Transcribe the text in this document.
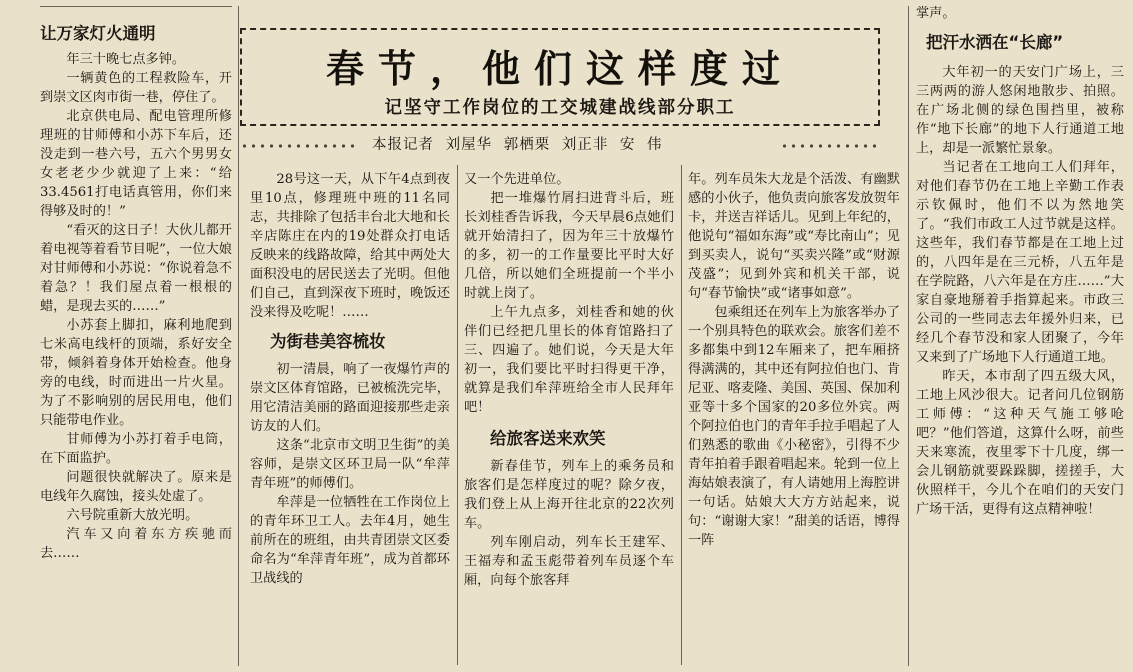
让万家灯火通明

年三十晚七点多钟。

一辆黄色的工程救险车，开到崇文区肉市街一巷，停住了。

北京供电局、配电管理所修理班的甘师傅和小苏下车后，还没走到一巷六号，五六个男男女女老老少少就迎了上来：“给33.4561打电话真管用，你们来得够及时的！”

“看灭的这日子！大伙儿都开着电视等着看节目呢”，一位大娘对甘师傅和小苏说：“你说着急不着急？！我们屋点着一根根的蜡，是现去买的……”

小苏套上脚扣，麻利地爬到七米高电线杆的顶端，系好安全带，倾斜着身体开始检查。他身旁的电线，时而进出一片火星。为了不影响别的居民用电，他们只能带电作业。

甘师傅为小苏打着手电筒，在下面监护。

问题很快就解决了。原来是电线年久腐蚀，接头处虚了。

六号院重新大放光明。

汽车又向着东方疾驰而去……

春节，他们这样度过
记坚守工作岗位的工交城建战线部分职工
本报记者 刘屋华 郭栖栗 刘正非 安 伟

28号这一天，从下午4点到夜里10点，修理班中班的11名同志，共排除了包括丰台北大地和长辛店陈庄在内的19处群众打电话反映来的线路故障，给其中两处大面积没电的居民送去了光明。但他们自己，直到深夜下班时，晚饭还没来得及吃呢！……

为街巷美容梳妆

初一清晨，响了一夜爆竹声的崇文区体育馆路，已被梳洗完毕，用它清洁美丽的路面迎接那些走亲访友的人们。

这条“北京市文明卫生街”的美容师，是崇文区环卫局一队“牟萍青年班”的师傅们。

牟萍是一位牺牲在工作岗位上的青年环卫工人。去年4月，她生前所在的班组，由共青团崇文区委命名为“牟萍青年班”，成为首都环卫战线的

又一个先进单位。

把一堆爆竹屑扫进背斗后，班长刘桂香告诉我，今天早晨6点她们就开始清扫了，因为年三十放爆竹的多，初一的工作量要比平时大好几倍，所以她们全班提前一个半小时就上岗了。

上午九点多，刘桂香和她的伙伴们已经把几里长的体育馆路扫了三、四遍了。她们说，今天是大年初一，我们要比平时扫得更干净，就算是我们牟萍班给全市人民拜年吧！

给旅客送来欢笑

新春佳节，列车上的乘务员和旅客们是怎样度过的呢？除夕夜，我们登上从上海开往北京的22次列车。

列车刚启动，列车长王建军、王福寿和孟玉彪带着列车员逐个车厢，向每个旅客拜

年。列车员朱大龙是个活泼、有幽默感的小伙子，他负责向旅客发放贺年卡，并送吉祥话儿。见到上年纪的，他说句“福如东海”或“寿比南山”；见到买卖人，说句“买卖兴隆”或“财源茂盛”；见到外宾和机关干部，说句“春节愉快”或“诸事如意”。

包乘组还在列车上为旅客举办了一个别具特色的联欢会。旅客们差不多都集中到12车厢来了，把车厢挤得满满的，其中还有阿拉伯也门、肯尼亚、喀麦隆、美国、英国、保加利亚等十多个国家的20多位外宾。两个阿拉伯也门的青年手拉手唱起了人们熟悉的歌曲《小秘密》，引得不少青年拍着手跟着唱起来。轮到一位上海姑娘表演了，有人请她用上海腔讲一句话。姑娘大大方方站起来，说句：“谢谢大家！”甜美的话语，博得一阵

掌声。

把汗水洒在“长廊”

大年初一的天安门广场上，三三两两的游人悠闲地散步、拍照。在广场北侧的绿色围挡里，被称作“地下长廊”的地下人行通道工地上，却是一派繁忙景象。

当记者在工地向工人们拜年，对他们春节仍在工地上辛勤工作表示钦佩时，他们不以为然地笑了。“我们市政工人过节就是这样。这些年，我们春节都是在工地上过的，八四年是在三元桥，八五年是在学院路，八六年是在方庄……”大家自豪地掰着手指算起来。市政三公司的一些同志去年援外归来，已经几个春节没和家人团聚了，今年又来到了广场地下人行通道工地。

昨天，本市刮了四五级大风，工地上风沙很大。记者问几位钢筋工师傅：“这种天气施工够呛吧？”他们答道，这算什么呀，前些天来寒流，夜里零下十几度，绑一会儿钢筋就要跺跺脚，搓搓手，大伙照样干，今儿个在咱们的天安门广场干活，更得有这点精神啦！
